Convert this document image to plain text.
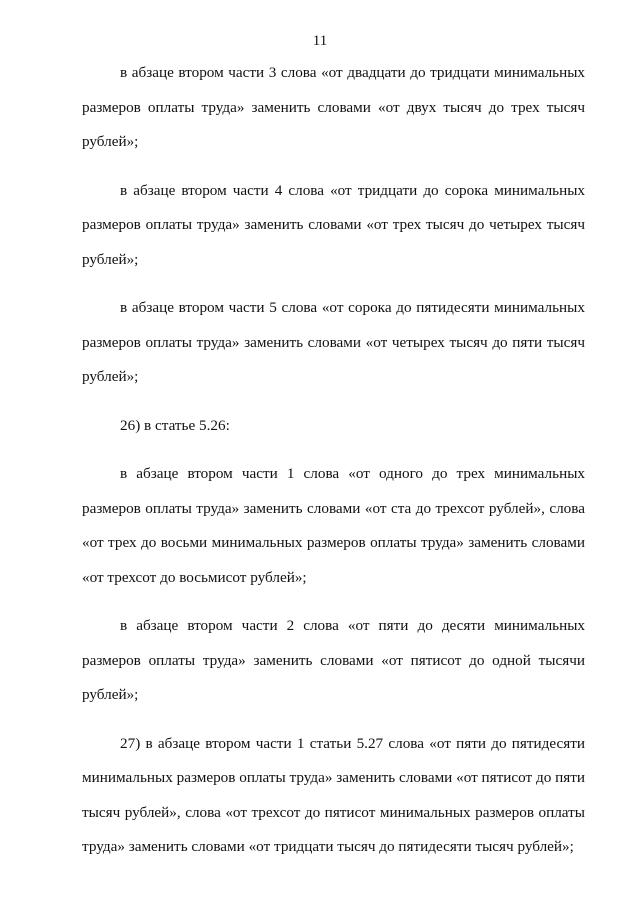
11

в абзаце втором части 3 слова «от двадцати до тридцати минимальных размеров оплаты труда» заменить словами «от двух тысяч до трех тысяч рублей»;

в абзаце втором части 4 слова «от тридцати до сорока минимальных размеров оплаты труда» заменить словами «от трех тысяч до четырех тысяч рублей»;

в абзаце втором части 5 слова «от сорока до пятидесяти минимальных размеров оплаты труда» заменить словами «от четырех тысяч до пяти тысяч рублей»;

26) в статье 5.26:

в абзаце втором части 1 слова «от одного до трех минимальных размеров оплаты труда» заменить словами «от ста до трехсот рублей», слова «от трех до восьми минимальных размеров оплаты труда» заменить словами «от трехсот до восьмисот рублей»;

в абзаце втором части 2 слова «от пяти до десяти минимальных размеров оплаты труда» заменить словами «от пятисот до одной тысячи рублей»;

27) в абзаце втором части 1 статьи 5.27 слова «от пяти до пятидесяти минимальных размеров оплаты труда» заменить словами «от пятисот до пяти тысяч рублей», слова «от трехсот до пятисот минимальных размеров оплаты труда» заменить словами «от тридцати тысяч до пятидесяти тысяч рублей»;
